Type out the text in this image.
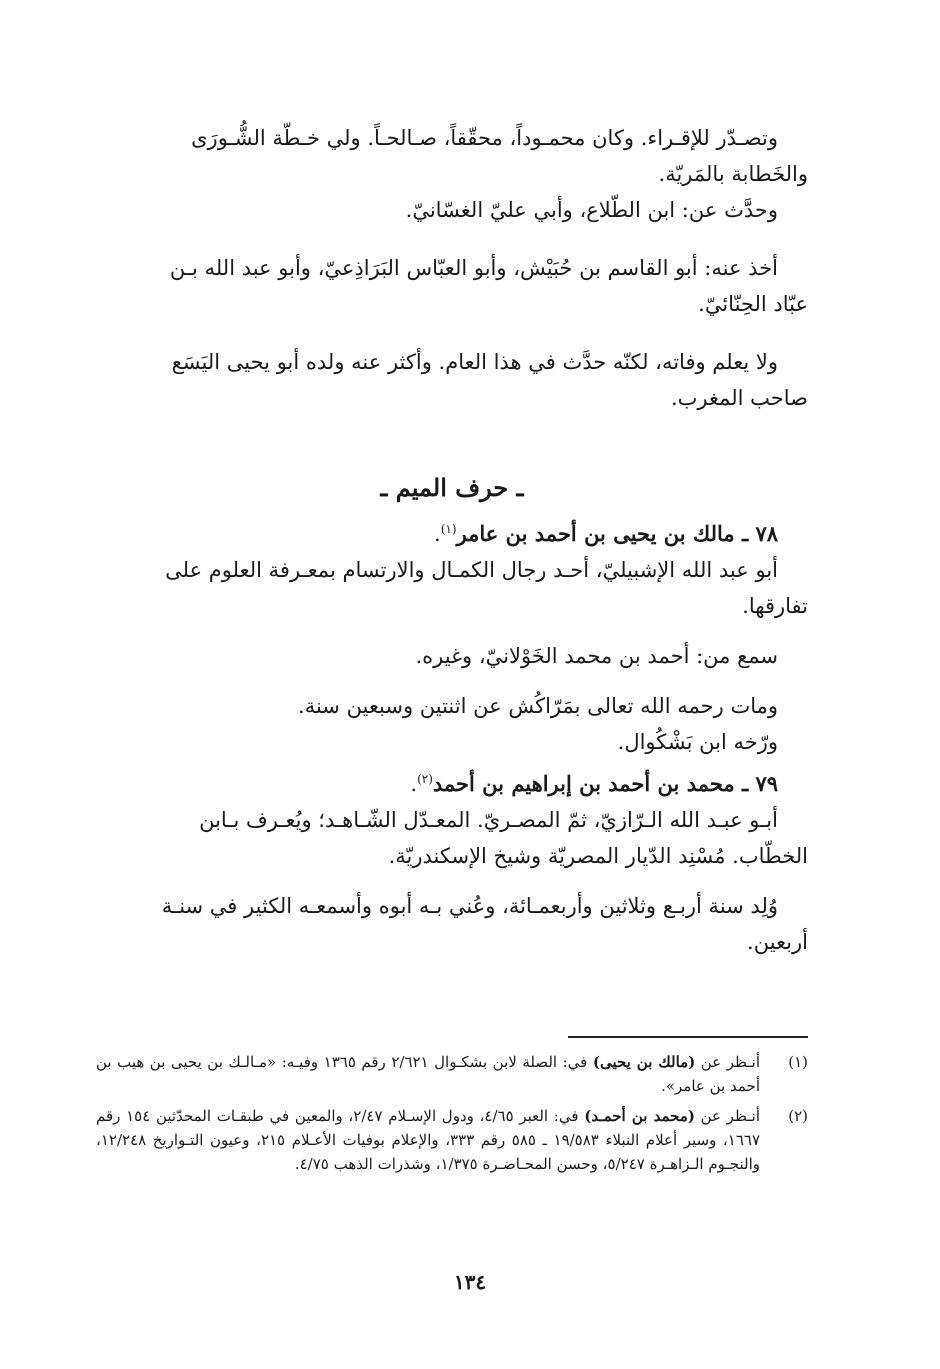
وتصـدّر للإقـراء. وكان محمـوداً، محقّقاً، صـالحـاً. ولي خـطّة الشُّـورَى

والخَطابة بالمَريّة.

وحدَّث عن: ابن الطّلاع، وأبي عليّ الغسّانيّ.

أخذ عنه: أبو القاسم بن حُبَيْش، وأبو العبّاس البَرَاذِعيّ، وأبو عبد الله بـن

عبّاد الحِنّائيّ.

ولا يعلم وفاته، لكنّه حدَّث في هذا العام. وأكثر عنه ولده أبو يحيى اليَسَع

صاحب المغرب.

ـ حرف الميم ـ
٧٨ ـ مالك بن يحيى بن أحمد بن عامر$^{(١)}$.

أبو عبد الله الإشبيليّ، أحـد رجال الكمـال والارتسام بمعـرفة العلوم على

تفارقها.

سمع من: أحمد بن محمد الخَوْلانيّ، وغيره.

ومات رحمه الله تعالى بمَرّاكُش عن اثنتين وسبعين سنة.

ورّخه ابن بَشْكُوال.

٧٩ ـ محمد بن أحمد بن إبراهيم بن أحمد$^{(٢)}$.

أبـو عبـد الله الـرّازيّ، ثمّ المصـريّ. المعـدّل الشّـاهـد؛ ويُعـرف بـابن

الخطّاب. مُسْنِد الدّيار المصريّة وشيخ الإسكندريّة.

وُلِد سنة أربـع وثلاثين وأربعمـائة، وعُني بـه أبوه وأسمعـه الكثير في سنـة

أربعين.

(١)
أنـظر عن (مالك بن يحيى) في: الصلة لابن بشكـوال ٢/٦٢١ رقم ١٣٦٥ وفيـه: «مـالـك بن يحيى بن هيب بن أحمد بن عامر».
(٢)
أنـظر عن (محمد بن أحمـد) في: العبر ٤/٦٥، ودول الإسـلام ٢/٤٧، والمعين في طبقـات المحدّثين ١٥٤ رقم ١٦٦٧، وسير أعلام النبلاء ١٩/٥٨٣ ـ ٥٨٥ رقم ٣٣٣، والإعلام بوفيات الأعـلام ٢١٥، وعيون التـواريخ ١٢/٢٤٨، والنجـوم الـزاهـرة ٥/٢٤٧، وحسن المحـاضـرة ١/٣٧٥، وشذرات الذهب ٤/٧٥.
١٣٤
